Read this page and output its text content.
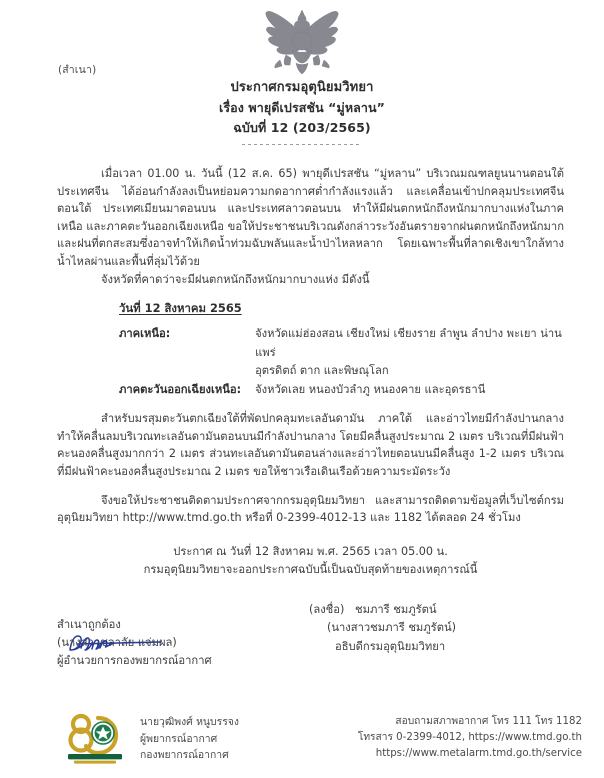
(สำเนา)
ประกาศกรมอุตุนิยมวิทยา
เรื่อง พายุดีเปรสชัน “มู่หลาน”
ฉบับที่ 12 (203/2565)

เมื่อเวลา 01.00 น. วันนี้ (12 ส.ค. 65) พายุดีเปรสชัน “มู่หลาน” บริเวณมณฑลยูนนานตอนใต้ ประเทศจีน ได้อ่อนกำลังลงเป็นหย่อมความกดอากาศต่ำกำลังแรงแล้ว และเคลื่อนเข้าปกคลุมประเทศจีนตอนใต้ ประเทศเมียนมาตอนบน และประเทศลาวตอนบน ทำให้มีฝนตกหนักถึงหนักมากบางแห่งในภาคเหนือ และภาคตะวันออกเฉียงเหนือ ขอให้ประชาชนบริเวณดังกล่าวระวังอันตรายจากฝนตกหนักถึงหนักมากและฝนที่ตกสะสมซึ่งอาจทำให้เกิดน้ำท่วมฉับพลันและน้ำป่าไหลหลาก โดยเฉพาะพื้นที่ลาดเชิงเขาใกล้ทางน้ำไหลผ่านและพื้นที่ลุ่มไว้ด้วย

จังหวัดที่คาดว่าจะมีฝนตกหนักถึงหนักมากบางแห่ง มีดังนี้

วันที่ 12 สิงหาคม 2565
ภาคเหนือ:	จังหวัดแม่ฮ่องสอน เชียงใหม่ เชียงราย ลำพูน ลำปาง พะเยา น่าน แพร่
อุตรดิตถ์ ตาก และพิษณุโลก

ภาคตะวันออกเฉียงเหนือ:	จังหวัดเลย หนองบัวลำภู หนองคาย และอุดรธานี

สำหรับมรสุมตะวันตกเฉียงใต้ที่พัดปกคลุมทะเลอันดามัน ภาคใต้ และอ่าวไทยมีกำลังปานกลาง ทำให้คลื่นลมบริเวณทะเลอันดามันตอนบนมีกำลังปานกลาง โดยมีคลื่นสูงประมาณ 2 เมตร บริเวณที่มีฝนฟ้าคะนองคลื่นสูงมากกว่า 2 เมตร ส่วนทะเลอันดามันตอนล่างและอ่าวไทยตอนบนมีคลื่นสูง 1-2 เมตร บริเวณที่มีฝนฟ้าคะนองคลื่นสูงประมาณ 2 เมตร ขอให้ชาวเรือเดินเรือด้วยความระมัดระวัง

จึงขอให้ประชาชนติดตามประกาศจากกรมอุตุนิยมวิทยา และสามารถติดตามข้อมูลที่เว็บไซต์กรมอุตุนิยมวิทยา http://www.tmd.go.th หรือที่ 0-2399-4012-13 และ 1182 ได้ตลอด 24 ชั่วโมง

ประกาศ ณ วันที่ 12 สิงหาคม พ.ศ. 2565 เวลา 05.00 น.
กรมอุตุนิยมวิทยาจะออกประกาศฉบับนี้เป็นฉบับสุดท้ายของเหตุการณ์นี้
(ลงชื่อ) ชมภารี ชมภูรัตน์
(นางสาวชมภารี ชมภูรัตน์)
อธิบดีกรมอุตุนิยมวิทยา
สำเนาถูกต้อง
(นางสาวชลาลัย แจ่มผล)
ผู้อำนวยการกองพยากรณ์อากาศ
นายวุฒิพงศ์ หนูบรรจง
ผู้พยากรณ์อากาศ
กองพยากรณ์อากาศ
สอบถามสภาพอากาศ โทร 111 โทร 1182
โทรสาร 0-2399-4012, https://www.tmd.go.th
https://www.metalarm.tmd.go.th/service
